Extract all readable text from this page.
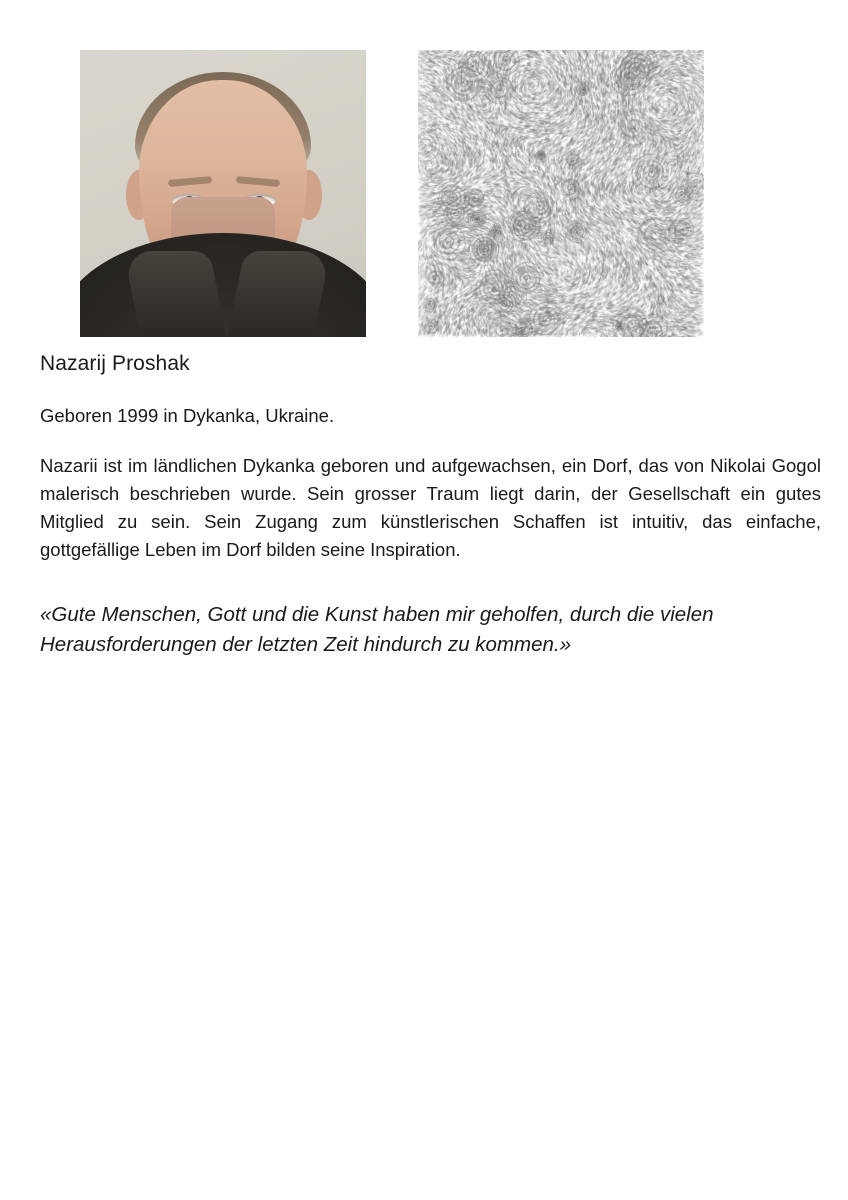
Nazarij Proshak

Geboren 1999 in Dykanka, Ukraine.

Nazarii ist im ländlichen Dykanka geboren und aufgewachsen, ein Dorf, das von Nikolai Gogol malerisch beschrieben wurde. Sein grosser Traum liegt darin, der Gesellschaft ein gutes Mitglied zu sein. Sein Zugang zum künstlerischen Schaffen ist intuitiv, das einfache, gottgefällige Leben im Dorf bilden seine Inspiration.

«Gute Menschen, Gott und die Kunst haben mir geholfen, durch die vielen Herausforderungen der letzten Zeit hindurch zu kommen.»
